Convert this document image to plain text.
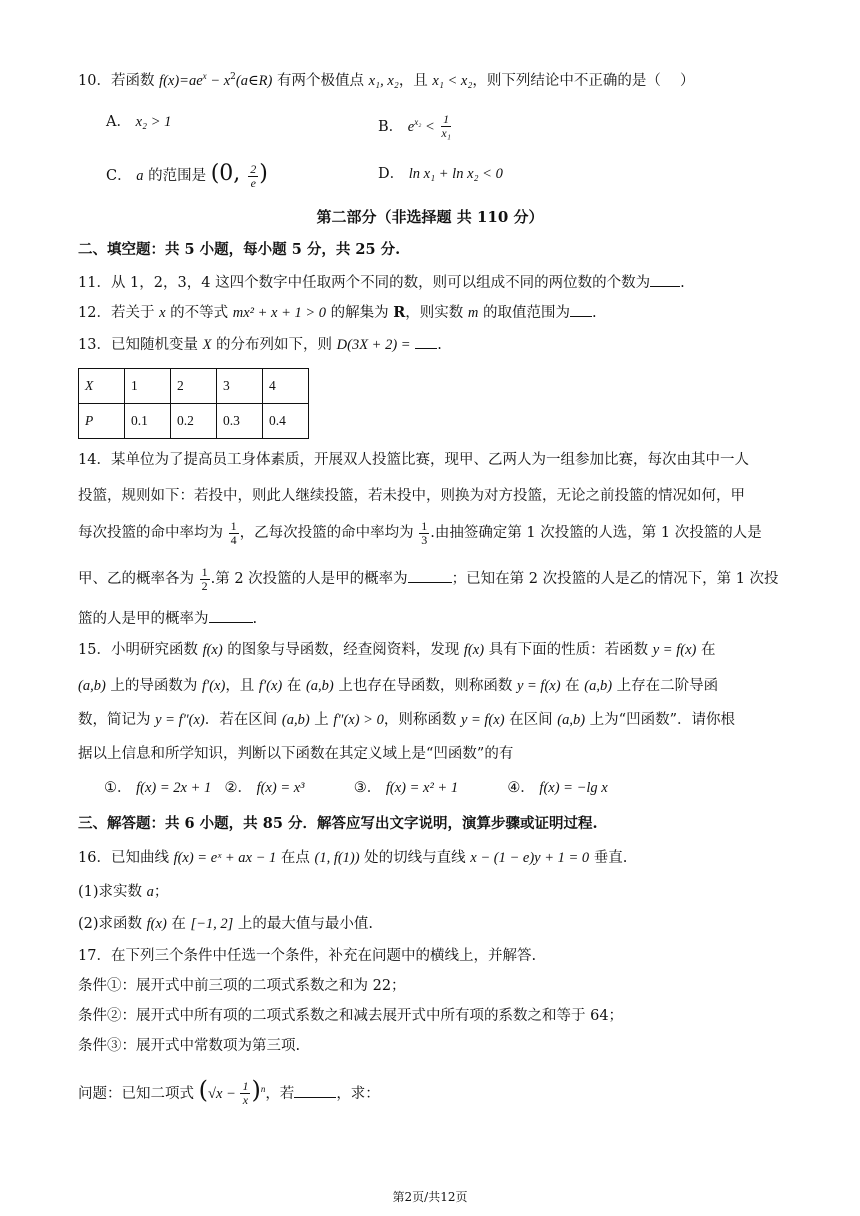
10．若函数 $f(x)=ae^x$ − $x^2(a\in R)$ 有两个极值点 x₁, x₂，且 x₁ < x₂，则下列结论中不正确的是（　 ）
A． x₂ > 1	B． $e^{x_2} < \frac{1}{\text{x₁}}$
C． a 的范围是 (0, $\frac{2}{e}$ )	D． ln x₁ + ln x₂ < 0
第二部分（非选择题 共 110 分）
二、填空题：共 5 小题，每小题 5 分，共 25 分.
11．从 1，2，3，4 这四个数字中任取两个不同的数，则可以组成不同的两位数的个数为 .
12．若关于 x 的不等式 mx² + x + 1 > 0 的解集为 R，则实数 m 的取值范围为 .
13．已知随机变量 X 的分布列如下，则 D(3X + 2) = .
X	1	2	3	4
P	0.1	0.2	0.3	0.4
14．某单位为了提高员工身体素质，开展双人投篮比赛，现甲、乙两人为一组参加比赛，每次由其中一人
投篮，规则如下：若投中，则此人继续投篮，若未投中，则换为对方投篮，无论之前投篮的情况如何，甲
每次投篮的命中率均为 $\frac{1}{4}$ ，乙每次投篮的命中率均为 $\frac{1}{3}$ .由抽签确定第 1 次投篮的人选，第 1 次投篮的人是
甲、乙的概率各为 $\frac{1}{2}$ .第 2 次投篮的人是甲的概率为	；已知在第 2 次投篮的人是乙的情况下，第 1 次投
篮的人是甲的概率为	.
15．小明研究函数 f(x) 的图象与导函数，经查阅资料，发现 f(x) 具有下面的性质：若函数 y = f(x) 在
(a,b) 上的导函数为 f′(x)，且 f′(x) 在 (a,b) 上也存在导函数，则称函数 y = f(x) 在 (a,b) 上存在二阶导函
数，简记为 y = f″(x)．若在区间 (a,b) 上 f″(x) > 0，则称函数 y = f(x) 在区间 (a,b) 上为“凹函数”．请你根
据以上信息和所学知识，判断以下函数在其定义域上是“凹函数”的有
①． f(x) = 2x + 1 ②． f(x) = x³	③． f(x) = x² + 1	④． f(x) = −lg x
三、解答题：共 6 小题，共 85 分．解答应写出文字说明，演算步骤或证明过程.
16．已知曲线 f(x) = eˣ + ax − 1 在点 (1, f(1)) 处的切线与直线 x − (1 − e)y + 1 = 0 垂直.
(1)求实数 a；
(2)求函数 f(x) 在 [−1, 2] 上的最大值与最小值.
17．在下列三个条件中任选一个条件，补充在问题中的横线上，并解答.
条件①：展开式中前三项的二项式系数之和为 22；
条件②：展开式中所有项的二项式系数之和减去展开式中所有项的系数之和等于 64；
条件③：展开式中常数项为第三项.
问题：已知二项式 $(√x - \frac{1}{x} )^n$，若	，求：
第2页/共12页
